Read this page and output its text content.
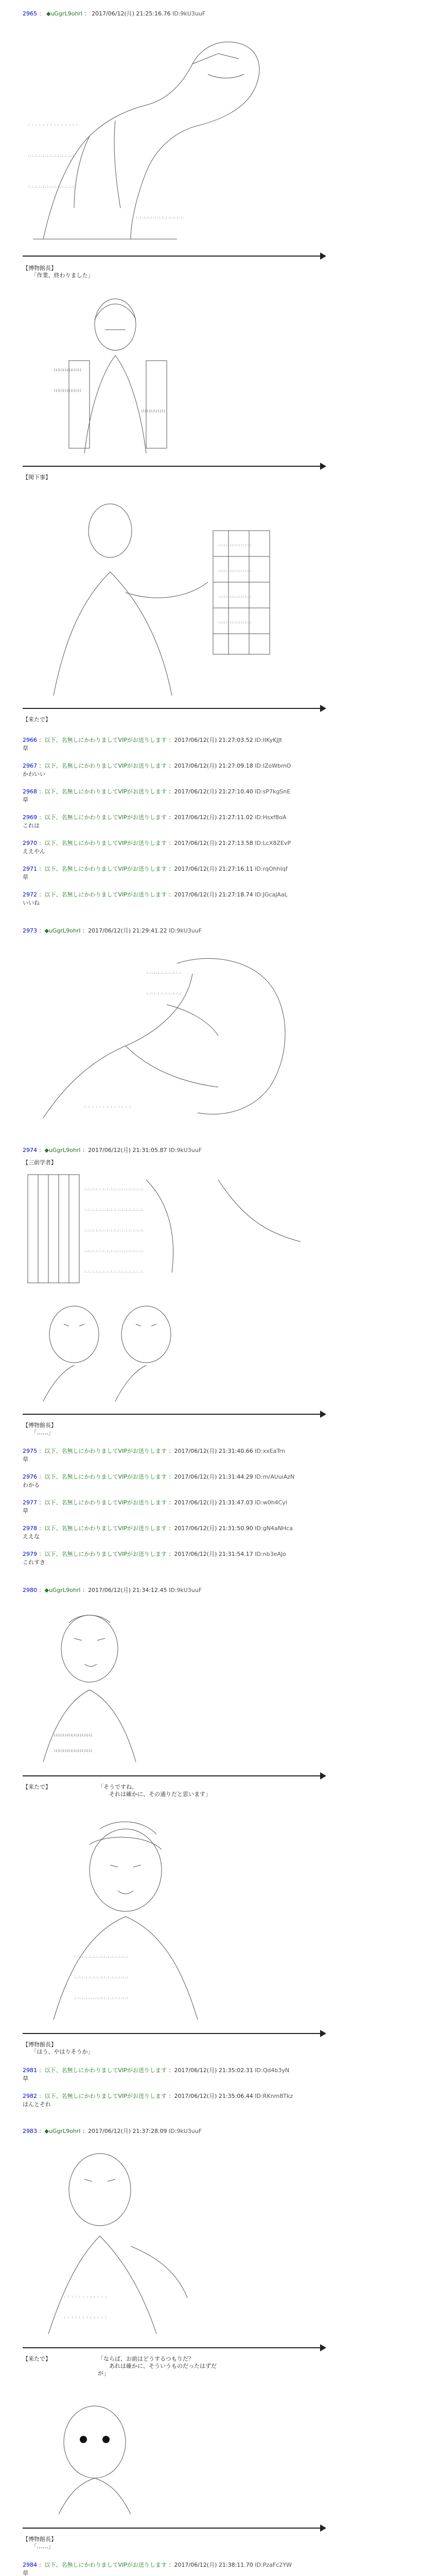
2965 ： ◆uGgrL9ohrI ： 2017/06/12(月) 21:25:16.76 ID:9kU3uuF
: : : : : : : : : : : : : :
:.:.:.:.:.:.:.:.:.:.:.:.:.
:.:.:.:.:.:.:.:.:.:.:.:.:.
:.:.:.:.:.:.:.:.:.:.:.:.:.
【博物館長】
　　「作業、終わりました」
|i|i|i|i|i|i|i|
|i|i|i|i|i|i|i|
|l|l|l|l|l|l|
【関下事】
::::::::::::::::::
::::::::::::::::::
::::::::::::::::::
::::::::::::::::::
【来たで】
2966 ：以下、名無しにかわりましてVIPがお送りします ：2017/06/12(月) 21:27:03.52 ID:IIKyKJJt
草
2967 ：以下、名無しにかわりましてVIPがお送りします ：2017/06/12(月) 21:27:09.18 ID:IZoWbmO
かわいい
2968 ：以下、名無しにかわりましてVIPがお送りします ：2017/06/12(月) 21:27:10.40 ID:sP7kgSnE
草
2969 ：以下、名無しにかわりましてVIPがお送りします ：2017/06/12(月) 21:27:11.02 ID:Hsxf8oA
これは
2970 ：以下、名無しにかわりましてVIPがお送りします ：2017/06/12(月) 21:27:13.58 ID:LcX8ZEvP
ええやん
2971 ：以下、名無しにかわりましてVIPがお送りします ：2017/06/12(月) 21:27:16.11 ID:rqOhhIqf
草
2972 ：以下、名無しにかわりましてVIPがお送りします ：2017/06/12(月) 21:27:18.74 ID:JGcaJAaL
いいね
2973 ：◆uGgrL9ohrI ：2017/06/12(月) 21:29:41.22 ID:9kU3uuF
:.:.:.:.:.:.:.:.:.:
:.:.:.:.:.:.:.:.:.:
: : : : : : : : : : : : :
2974 ：◆uGgrL9ohrI ：2017/06/12(月) 21:31:05.87 ID:9kU3uuF
【三前学者】
:.:.:.:.:.:.:.:.:.:.:.:.:.:.:.:.
:.:.:.:.:.:.:.:.:.:.:.:.:.:.:.:.
:.:.:.:.:.:.:.:.:.:.:.:.:.:.:.:.
:.:.:.:.:.:.:.:.:.:.:.:.:.:.:.:.
:.:.:.:.:.:.:.:.:.:.:.:.:.:.:.:.
【博物館長】
　　「……」
2975 ：以下、名無しにかわりましてVIPがお送りします ：2017/06/12(月) 21:31:40.66 ID:xxEaTrn
草
2976 ：以下、名無しにかわりましてVIPがお送りします ：2017/06/12(月) 21:31:44.29 ID:m/AUuiAzN
わかる
2977 ：以下、名無しにかわりましてVIPがお送りします ：2017/06/12(月) 21:31:47.03 ID:w0h4Cyl
草
2978 ：以下、名無しにかわりましてVIPがお送りします ：2017/06/12(月) 21:31:50.90 ID:gN4aNHca
ええな
2979 ：以下、名無しにかわりましてVIPがお送りします ：2017/06/12(月) 21:31:54.17 ID:nb3eAJo
これすき
2980 ：◆uGgrL9ohrI ：2017/06/12(月) 21:34:12.45 ID:9kU3uuF
|i|i|i|i|i|i|i|i|i|i|
|i|i|i|i|i|i|i|i|i|i|
【来たで】	「そうですね。
　　それは確かに、その通りだと思います」
:.:.:.:.:.:.:.:.:.:.:.:.:.:.:
:.:.:.:.:.:.:.:.:.:.:.:.:.:.:
:.:.:.:.:.:.:.:.:.:.:.:.:.:.:
【博物館長】
　　「ほう、やはりそうか」
2981 ：以下、名無しにかわりましてVIPがお送りします ：2017/06/12(月) 21:35:02.31 ID:Qd4b3yN
草
2982 ：以下、名無しにかわりましてVIPがお送りします ：2017/06/12(月) 21:35:06.44 ID:RKnm8Tkz
ほんとそれ
2983 ：◆uGgrL9ohrI ：2017/06/12(月) 21:37:28.09 ID:9kU3uuF
: : : : : : : : : : : :
: : : : : : : : : : : :
【来たで】	「ならば、お前はどうするつもりだ？
　　あれは確かに、そういうものだったはずだが」
【博物館長】
　　「……」
2984 ：以下、名無しにかわりましてVIPがお送りします ：2017/06/12(月) 21:38:11.70 ID:PzaFc2YW
草
